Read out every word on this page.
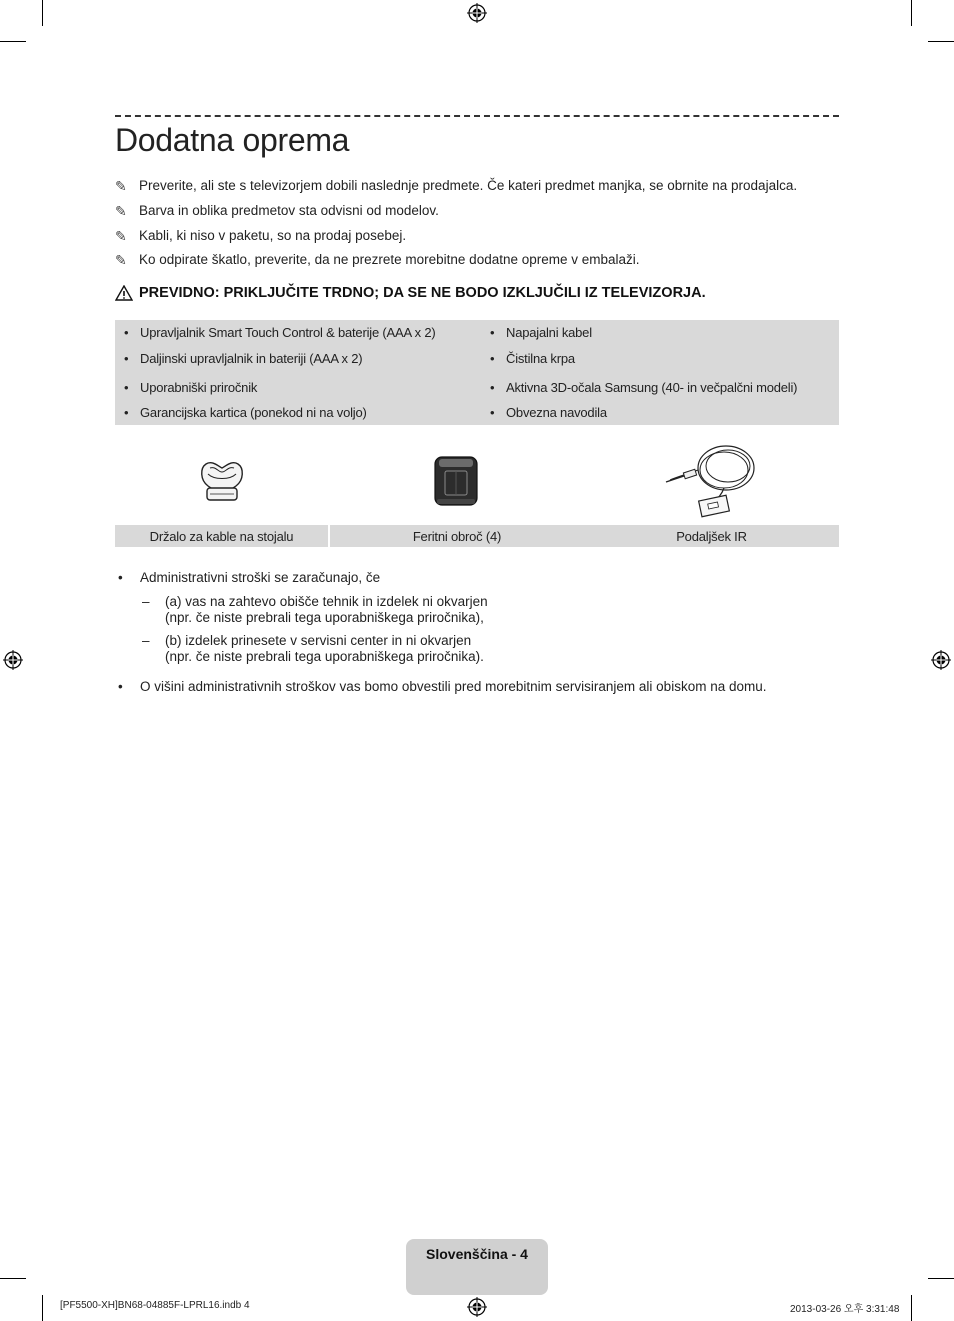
Dodatna oprema
✎ Preverite, ali ste s televizorjem dobili naslednje predmete. Če kateri predmet manjka, se obrnite na prodajalca.
✎ Barva in oblika predmetov sta odvisni od modelov.
✎ Kabli, ki niso v paketu, so na prodaj posebej.
✎ Ko odpirate škatlo, preverite, da ne prezrete morebitne dodatne opreme v embalaži.
PREVIDNO: PRIKLJUČITE TRDNO; DA SE NE BODO IZKLJUČILI IZ TELEVIZORJA.
• Upravljalnik Smart Touch Control & baterije (AAA x 2)
• Daljinski upravljalnik in bateriji (AAA x 2)
• Uporabniški priročnik
• Garancijska kartica (ponekod ni na voljo)
• Napajalni kabel
• Čistilna krpa
• Aktivna 3D-očala Samsung (40- in večpalčni modeli)
• Obvezna navodila
Držalo za kable na stojalu	Feritni obroč (4)	Podaljšek IR
• Administrativni stroški se zaračunajo, če
– (a) vas na zahtevo obišče tehnik in izdelek ni okvarjen
(npr. če niste prebrali tega uporabniškega priročnika),
– (b) izdelek prinesete v servisni center in ni okvarjen
(npr. če niste prebrali tega uporabniškega priročnika).
• O višini administrativnih stroškov vas bomo obvestili pred morebitnim servisiranjem ali obiskom na domu.
Slovenščina - 4
[PF5500-XH]BN68-04885F-LPRL16.indb 4	2013-03-26 오후 3:31:48
